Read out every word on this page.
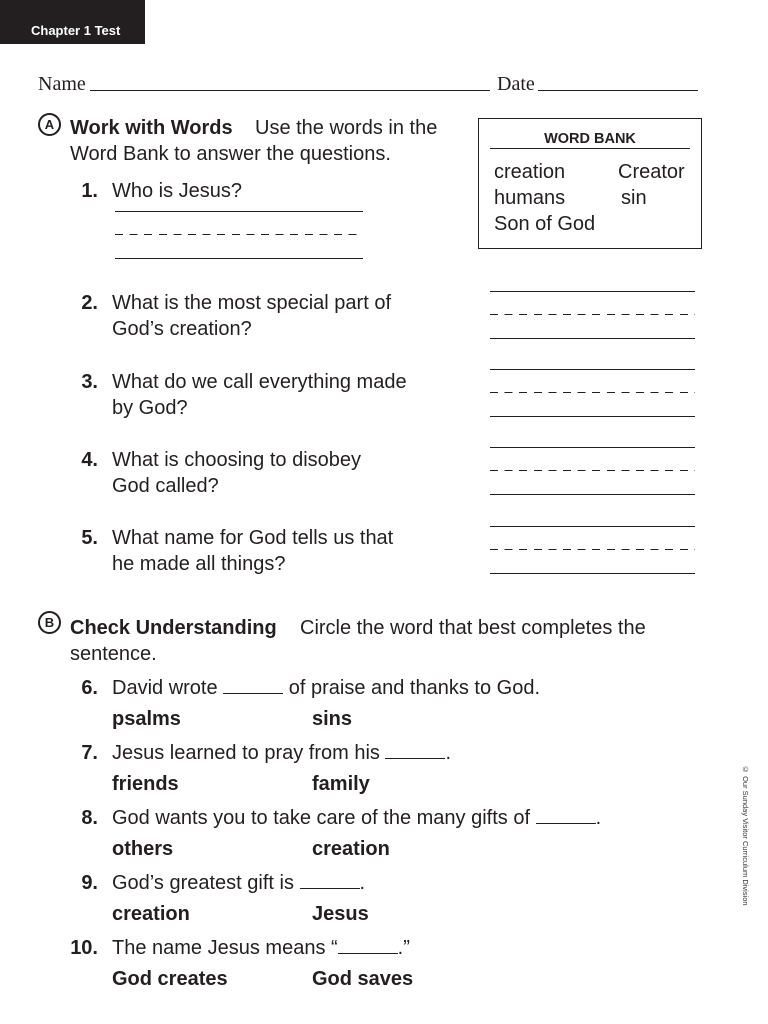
Chapter 1 Test
Name	Date
A Work with Words Use the words in the
Word Bank to answer the questions.
WORD BANK
creation	Creator
humans	sin
Son of God
1. Who is Jesus?
2. What is the most special part of
God’s creation?
3. What do we call everything made
by God?
4. What is choosing to disobey
God called?
5. What name for God tells us that
he made all things?
B Check Understanding Circle the word that best completes the
sentence.
6. David wrote	of praise and thanks to God.
psalms	sins
7. Jesus learned to pray from his	.
friends	family
8. God wants you to take care of the many gifts of	.
others	creation
9. God’s greatest gift is	.
creation	Jesus
10. The name Jesus means “	.”
God creates	God saves
© Our Sunday Visitor Curriculum Division
